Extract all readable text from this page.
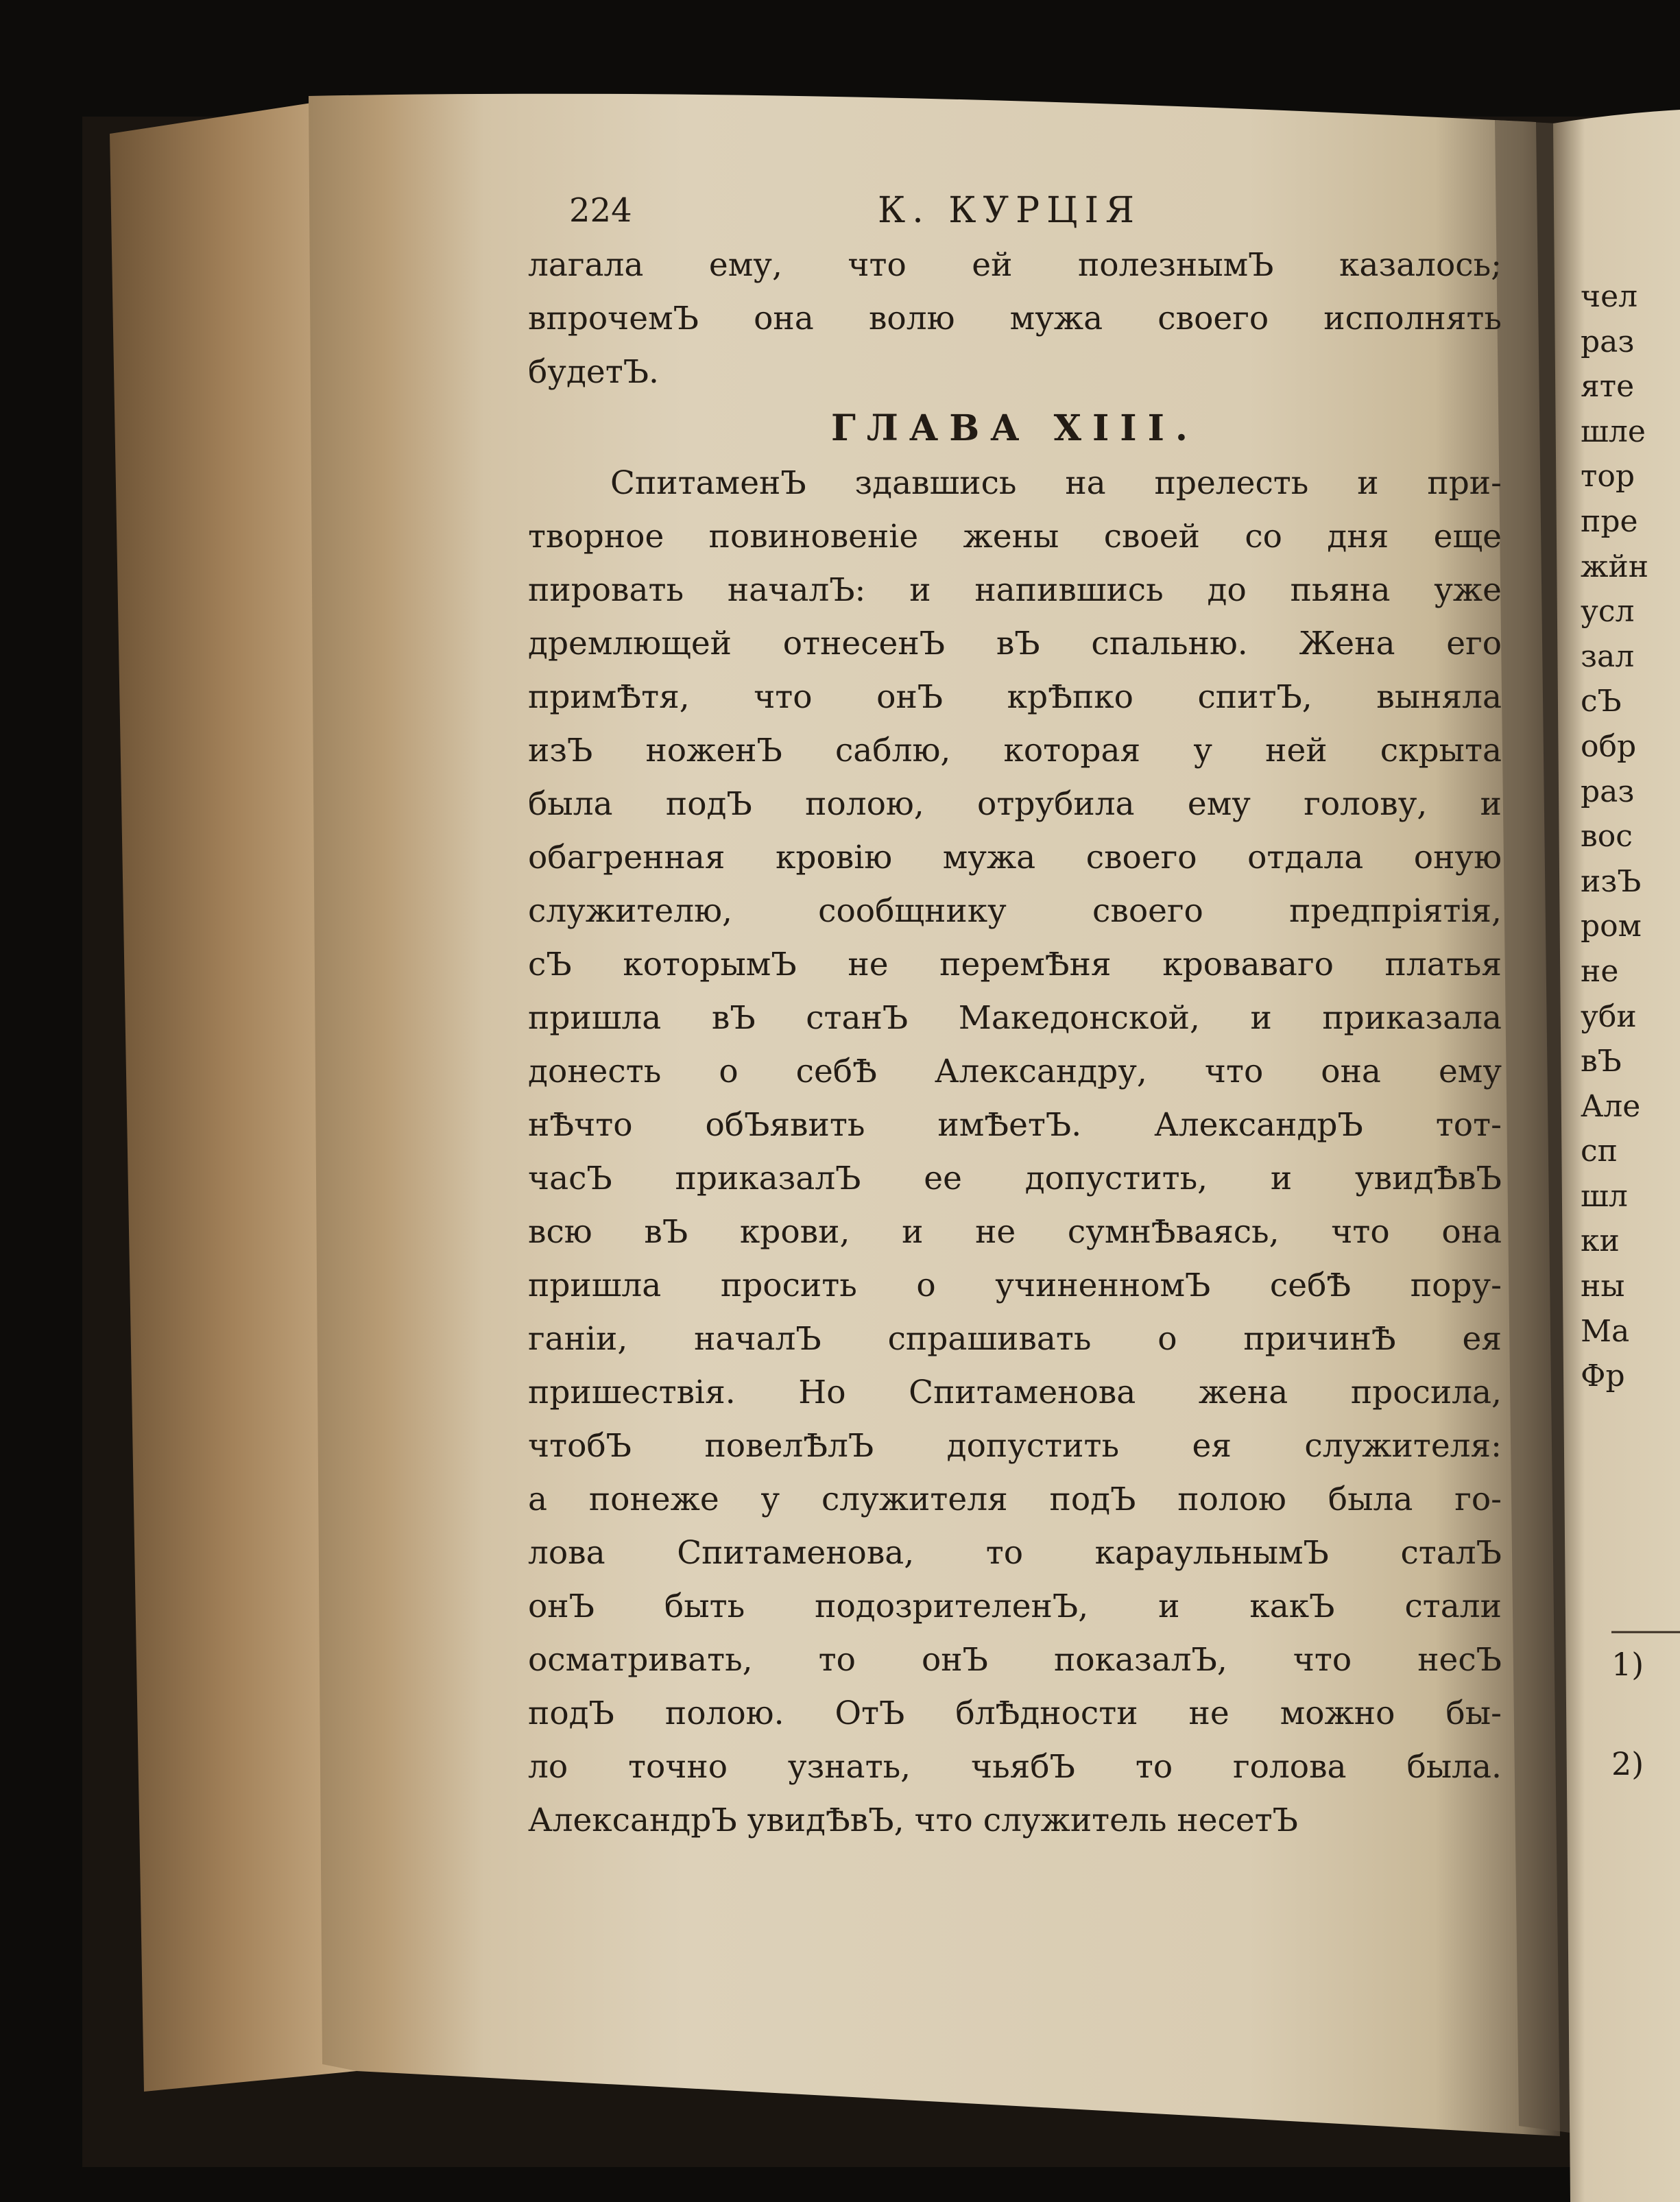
224	К. КУРЦІЯ
лагала ему, что ей полезнымЪ казалось;
впрочемЪ она волю мужа своего исполнять
будетЪ.
ГЛАВА XIII.
СпитаменЪ здавшись на прелесть и при-
творное повиновеніе жены своей со дня еще
пировать началЪ: и напившись до пьяна уже
дремлющей отнесенЪ вЪ спальню. Жена его
примѢтя, что онЪ крѢпко спитЪ, выняла
изЪ ноженЪ саблю, которая у ней скрыта
была подЪ полою, отрубила ему голову, и
обагренная кровію мужа своего отдала оную
служителю, сообщнику своего предпріятія,
сЪ которымЪ не перемѢня кроваваго платья
пришла вЪ станЪ Македонской, и приказала
донесть о себѢ Александру, что она ему
нѢчто обЪявить имѢетЪ. АлександрЪ тот-
часЪ приказалЪ ее допустить, и увидѢвЪ
всю вЪ крови, и не сумнѢваясь, что она
пришла просить о учиненномЪ себѢ пору-
ганіи, началЪ спрашивать о причинѢ ея
пришествія. Но Спитаменова жена просила,
чтобЪ повелѢлЪ допустить ея служителя:
а понеже у служителя подЪ полою была го-
лова Спитаменова, то караульнымЪ сталЪ
онЪ быть подозрителенЪ, и какЪ стали
осматривать, то онЪ показалЪ, что несЪ
подЪ полою. ОтЪ блѢдности не можно бы-
ло точно узнать, чьябЪ то голова была.
АлександрЪ увидѢвЪ, что служитель несетЪ
чел
раз
яте
шле
тор
пре
жйн
усл
зал
сЪ
обр
раз
вос
изЪ
ром
не
уби
вЪ
Але
сп
шл
ки
ны
Ма
Фр
1)
2)
